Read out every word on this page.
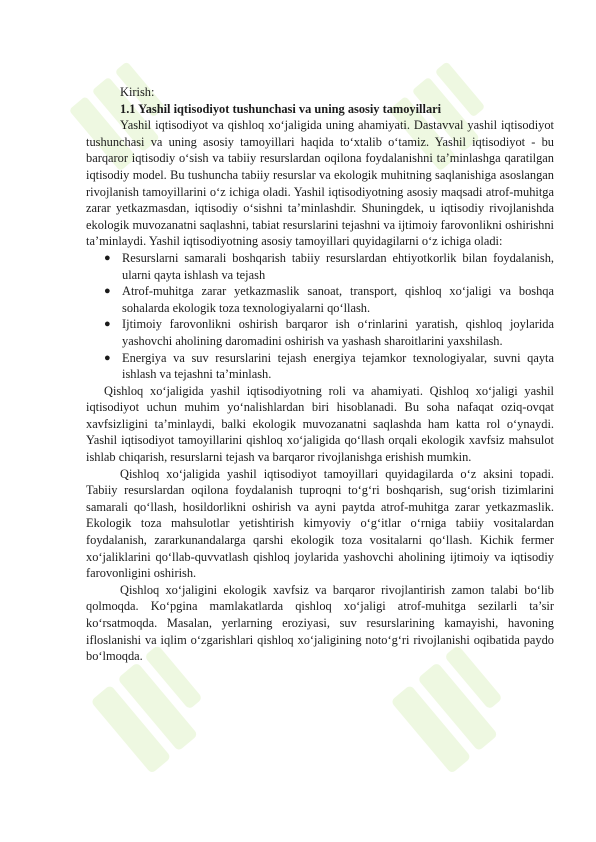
Kirish:

1.1 Yashil iqtisodiyot tushunchasi va uning asosiy tamoyillari

Yashil iqtisodiyot va qishloq xo‘jaligida uning ahamiyati. Dastavval yashil iqtisodiyot tushunchasi va uning asosiy tamoyillari haqida to‘xtalib o‘tamiz. Yashil iqtisodiyot - bu barqaror iqtisodiy o‘sish va tabiiy resurslardan oqilona foydalanishni ta’minlashga qaratilgan iqtisodiy model. Bu tushuncha tabiiy resurslar va ekologik muhitning saqlanishiga asoslangan rivojlanish tamoyillarini o‘z ichiga oladi. Yashil iqtisodiyotning asosiy maqsadi atrof-muhitga zarar yetkazmasdan, iqtisodiy o‘sishni ta’minlashdir. Shuningdek, u iqtisodiy rivojlanishda ekologik muvozanatni saqlashni, tabiat resurslarini tejashni va ijtimoiy farovonlikni oshirishni ta’minlaydi. Yashil iqtisodiyotning asosiy tamoyillari quyidagilarni o‘z ichiga oladi:

● Resurslarni samarali boshqarish tabiiy resurslardan ehtiyotkorlik bilan foydalanish, ularni qayta ishlash va tejash
● Atrof-muhitga zarar yetkazmaslik sanoat, transport, qishloq xo‘jaligi va boshqa sohalarda ekologik toza texnologiyalarni qo‘llash.
● Ijtimoiy farovonlikni oshirish barqaror ish o‘rinlarini yaratish, qishloq joylarida yashovchi aholining daromadini oshirish va yashash sharoitlarini yaxshilash.
● Energiya va suv resurslarini tejash energiya tejamkor texnologiyalar, suvni qayta ishlash va tejashni ta’minlash.

Qishloq xo‘jaligida yashil iqtisodiyotning roli va ahamiyati. Qishloq xo‘jaligi yashil iqtisodiyot uchun muhim yo‘nalishlardan biri hisoblanadi. Bu soha nafaqat oziq-ovqat xavfsizligini ta’minlaydi, balki ekologik muvozanatni saqlashda ham katta rol o‘ynaydi. Yashil iqtisodiyot tamoyillarini qishloq xo‘jaligida qo‘llash orqali ekologik xavfsiz mahsulot ishlab chiqarish, resurslarni tejash va barqaror rivojlanishga erishish mumkin.

Qishloq xo‘jaligida yashil iqtisodiyot tamoyillari quyidagilarda o‘z aksini topadi. Tabiiy resurslardan oqilona foydalanish tuproqni to‘g‘ri boshqarish, sug‘orish tizimlarini samarali qo‘llash, hosildorlikni oshirish va ayni paytda atrof-muhitga zarar yetkazmaslik. Ekologik toza mahsulotlar yetishtirish kimyoviy o‘g‘itlar o‘rniga tabiiy vositalardan foydalanish, zararkunandalarga qarshi ekologik toza vositalarni qo‘llash. Kichik fermer xo‘jaliklarini qo‘llab-quvvatlash qishloq joylarida yashovchi aholining ijtimoiy va iqtisodiy farovonligini oshirish.

Qishloq xo‘jaligini ekologik xavfsiz va barqaror rivojlantirish zamon talabi bo‘lib qolmoqda. Ko‘pgina mamlakatlarda qishloq xo‘jaligi atrof-muhitga sezilarli ta’sir ko‘rsatmoqda. Masalan, yerlarning eroziyasi, suv resurslarining kamayishi, havoning ifloslanishi va iqlim o‘zgarishlari qishloq xo‘jaligining noto‘g‘ri rivojlanishi oqibatida paydo bo‘lmoqda.
